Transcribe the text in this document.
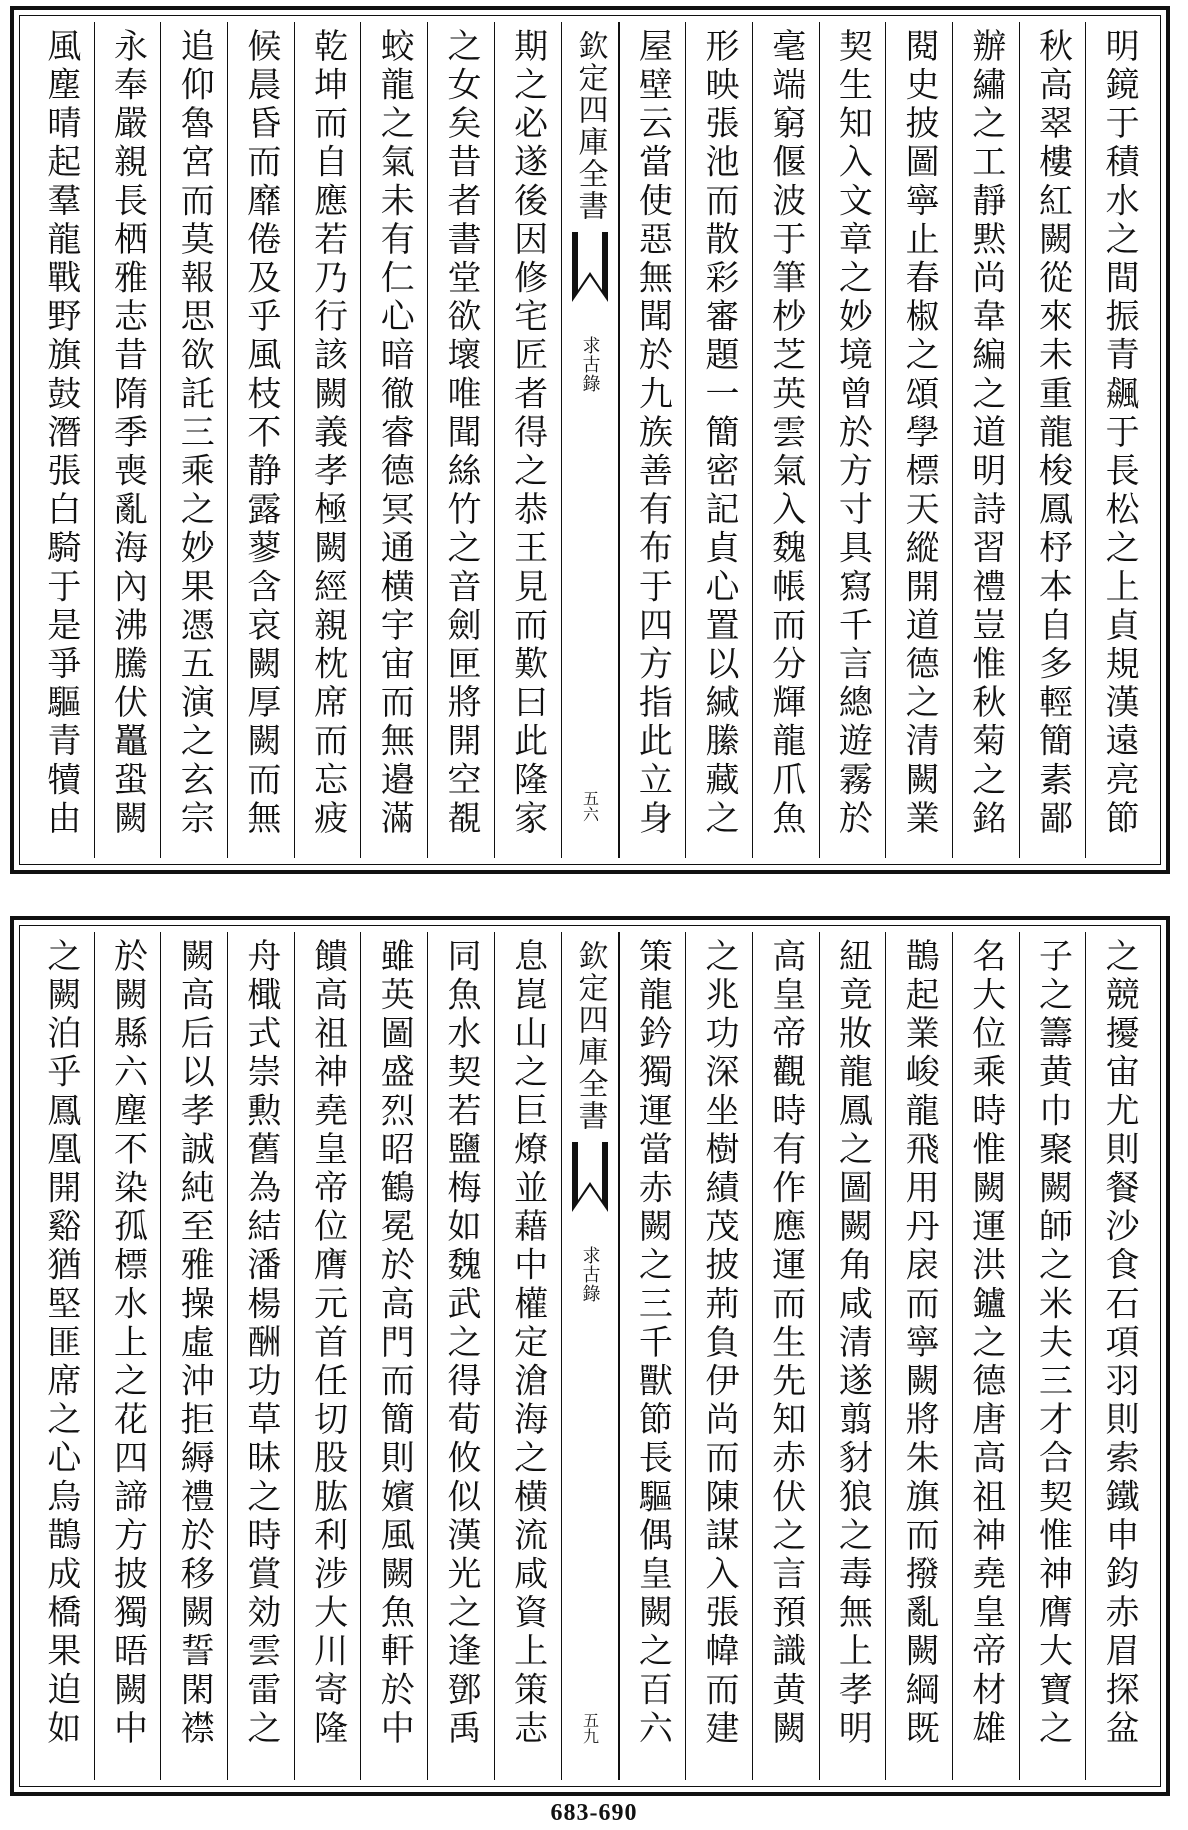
明鏡于積水之間振青飆于長松之上貞規漢遠亮節
秋高翠樓紅闕從來未重龍梭鳳杼本自多輕簡素鄙
辦繡之工靜黙尚韋編之道明詩習禮豈惟秋菊之銘
閱史披圖寧止春椒之頌學標天縱開道德之清闕業
契生知入文章之妙境曾於方寸具寫千言總遊霧於
毫端窮偃波于筆杪芝英雲氣入魏帳而分輝龍爪魚
形映張池而散彩審題一簡密記貞心置以緘縢藏之
屋壁云當使惡無聞於九族善有布于四方指此立身
欽定四庫全書
求古錄
五六
期之必遂後因修宅匠者得之恭王見而歎曰此隆家
之女矣昔者書堂欲壞唯聞絲竹之音劍匣將開空覩
蛟龍之氣未有仁心暗徹睿德冥通横宇宙而無邉滿
乾坤而自應若乃行該闕義孝極闕經親枕席而忘疲
候晨昏而靡倦及乎風枝不静露蓼含哀闕厚闕而無
追仰魯宮而莫報思欲託三乘之妙果憑五演之玄宗
永奉嚴親長栖雅志昔隋季喪亂海內沸騰伏鼉蛩闕
風塵晴起羣龍戰野旗鼓潛張白騎于是爭驅青犢由
之競擾宙尤則餐沙食石項羽則索鐵申鈞赤眉探盆
子之籌黄巾聚闕師之米夫三才合契惟神膺大寶之
名大位乘時惟闕運洪鑪之德唐高祖神堯皇帝材雄
鵲起業峻龍飛用丹扆而寧闕將朱旗而撥亂闕綱既
紐竟妝龍鳳之圖闕角咸清遂翦豺狼之毒無上孝明
高皇帝觀時有作應運而生先知赤伏之言預識黄闕
之兆功深坐樹績茂披荊負伊尚而陳謀入張幃而建
策龍鈐獨運當赤闕之三千獸節長驅偶皇闕之百六
欽定四庫全書
求古錄
五九
息崑山之巨燎並藉中權定滄海之横流咸資上策志
同魚水契若鹽梅如魏武之得荀攸似漢光之逢鄧禹
雖英圖盛烈昭鶴冕於高門而簡則嬪風闕魚軒於中
饋高祖神堯皇帝位膺元首任切股肱利涉大川寄隆
舟檝式崇勲舊為結潘楊酬功草昧之時賞効雲雷之
闕高后以孝誠純至雅操虛沖拒縟禮於移闕誓閑襟
於闕縣六塵不染孤標水上之花四諦方披獨晤闕中
之闕泊乎鳳凰開谿猶堅匪席之心烏鵲成橋果迫如
683-690
